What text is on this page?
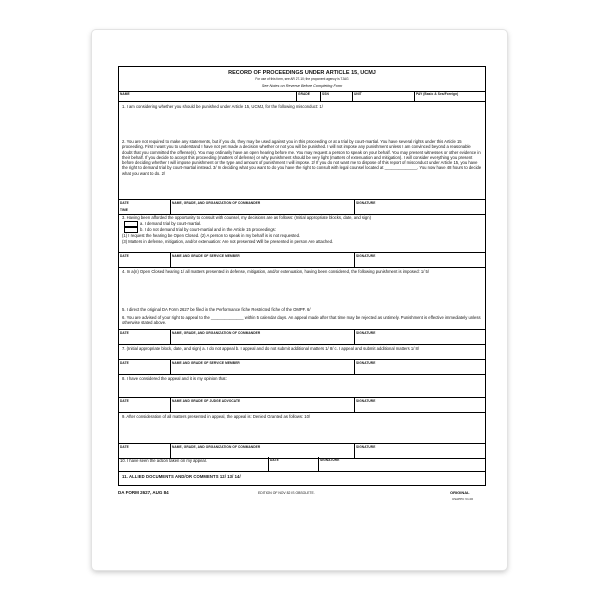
RECORD OF PROCEEDINGS UNDER ARTICLE 15, UCMJ
For use of this form, see AR 27-10; the proponent agency is TJAG
See Notes on Reverse Before Completing Form
NAME	GRADE	SSN	UNIT	PAY (Basic & Sea/Foreign)
1. I am considering whether you should be punished under Article 15, UCMJ, for the following misconduct: 1/
2. You are not required to make any statements, but if you do, they may be used against you in this proceeding or at a trial by court-martial. You have several rights under this Article 15 proceeding. First I want you to understand I have not yet made a decision whether or not you will be punished. I will not impose any punishment unless I am convinced beyond a reasonable doubt that you committed the offense(s). You may ordinarily have an open hearing before me. You may request a person to speak on your behalf. You may present witnesses or other evidence in their behalf. If you decide to accept this proceeding (matters of defense) or why punishment should be very light (matters of extenuation and mitigation). I will consider everything you present before deciding whether I will impose punishment or the type and amount of punishment I will impose. 2/ If you do not want me to dispose of this report of misconduct under Article 15, you have the right to demand trial by court-martial instead. 3/ In deciding what you want to do you have the right to consult with legal counsel located at ______________. You now have 48 hours to decide what you want to do. 2/
DATE	NAME, GRADE, AND ORGANIZATION OF COMMANDER	SIGNATURE
TIME
3. Having been afforded the opportunity to consult with counsel, my decisions are as follows: (Initial appropriate blocks, date, and sign)
a. I demand trial by court-martial.
b. I do not demand trial by court-martial and in the Article 15 proceedings:
(1) I request the hearing be Open Closed. (2) A person to speak in my behalf is is not requested.
(3) Matters in defense, mitigation, and/or extenuation: Are not presented Will be presented in person Are attached.
DATE	NAME AND GRADE OF SERVICE MEMBER	SIGNATURE
4. In a(n) Open Closed hearing 1/ all matters presented in defense, mitigation, and/or extenuation, having been considered, the following punishment is imposed: 1/ 5/
5. I direct the original DA Form 2627 be filed in the Performance fiche Restricted fiche of the OMPF. 6/
6. You are advised of your right to appeal to the ______________ within 5 calendar days. An appeal made after that time may be rejected as untimely. Punishment is effective immediately unless otherwise stated above.
DATE	NAME, GRADE, AND ORGANIZATION OF COMMANDER	SIGNATURE
7. (Initial appropriate block, date, and sign) a. I do not appeal b. I appeal and do not submit additional matters 1/ 8/ c. I appeal and submit additional matters 1/ 8/
DATE	NAME AND GRADE OF SERVICE MEMBER	SIGNATURE
8. I have considered the appeal and it is my opinion that:
DATE	NAME AND GRADE OF JUDGE ADVOCATE	SIGNATURE
9. After consideration of all matters presented in appeal, the appeal is: Denied Granted as follows: 10/
DATE	NAME, GRADE, AND ORGANIZATION OF COMMANDER	SIGNATURE
10. I have seen the action taken on my appeal.	DATE	SIGNATURE
11. ALLIED DOCUMENTS AND/OR COMMENTS 12/ 13/ 14/
DA FORM 2627, AUG 84	EDITION OF NOV 82 IS OBSOLETE.	ORIGINAL
USAPPC V1.00
